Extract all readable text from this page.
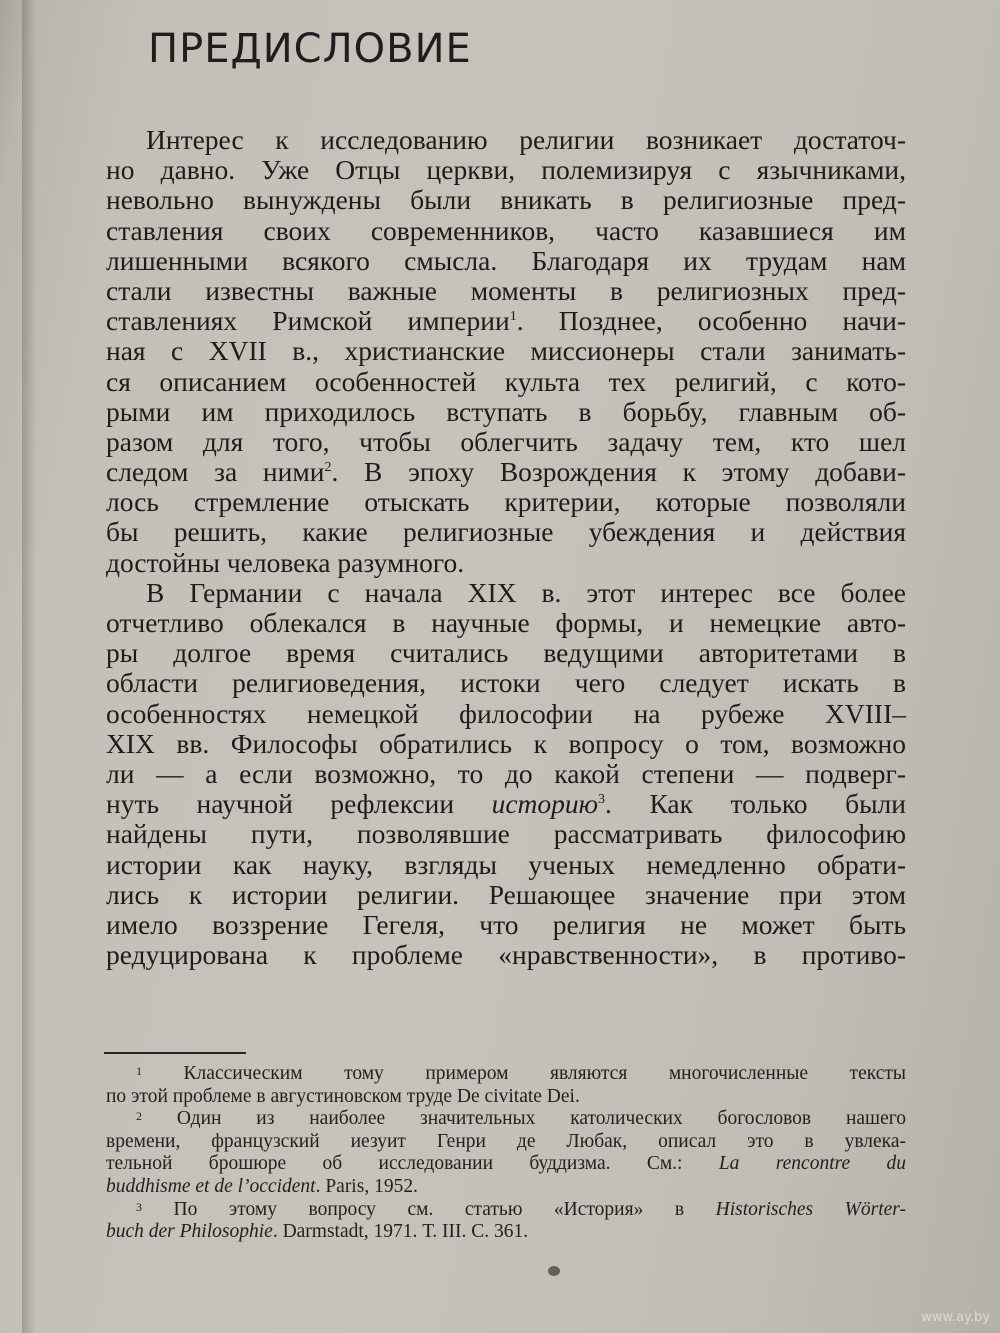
ПРЕДИСЛОВИЕ
Интерес к исследованию религии возникает достаточ-
но давно. Уже Отцы церкви, полемизируя с язычниками,
невольно вынуждены были вникать в религиозные пред-
ставления своих современников, часто казавшиеся им
лишенными всякого смысла. Благодаря их трудам нам
стали известны важные моменты в религиозных пред-
ставлениях Римской империи$^1$. Позднее, особенно начи-
ная с XVII в., христианские миссионеры стали занимать-
ся описанием особенностей культа тех религий, с кото-
рыми им приходилось вступать в борьбу, главным об-
разом для того, чтобы облегчить задачу тем, кто шел
следом за ними$^2$. В эпоху Возрождения к этому добави-
лось стремление отыскать критерии, которые позволяли
бы решить, какие религиозные убеждения и действия
достойны человека разумного.
В Германии с начала XIX в. этот интерес все более
отчетливо облекался в научные формы, и немецкие авто-
ры долгое время считались ведущими авторитетами в
области религиоведения, истоки чего следует искать в
особенностях немецкой философии на рубеже XVIII–
XIX вв. Философы обратились к вопросу о том, возможно
ли — а если возможно, то до какой степени — подверг-
нуть научной рефлексии историю$^3$. Как только были
найдены пути, позволявшие рассматривать философию
истории как науку, взгляды ученых немедленно обрати-
лись к истории религии. Решающее значение при этом
имело воззрение Гегеля, что религия не может быть
редуцирована к проблеме «нравственности», в противо-
$^1$ Классическим тому примером являются многочисленные тексты
по этой проблеме в августиновском труде De civitate Dei.
$^2$ Один из наиболее значительных католических богословов нашего
времени, французский иезуит Генри де Любак, описал это в увлека-
тельной брошюре об исследовании буддизма. См.: La rencontre du
buddhisme et de l’occident. Paris, 1952.
$^3$ По этому вопросу см. статью «История» в Historisches Wörter-
buch der Philosophie. Darmstadt, 1971. Т. III. С. 361.
www.ay.by
